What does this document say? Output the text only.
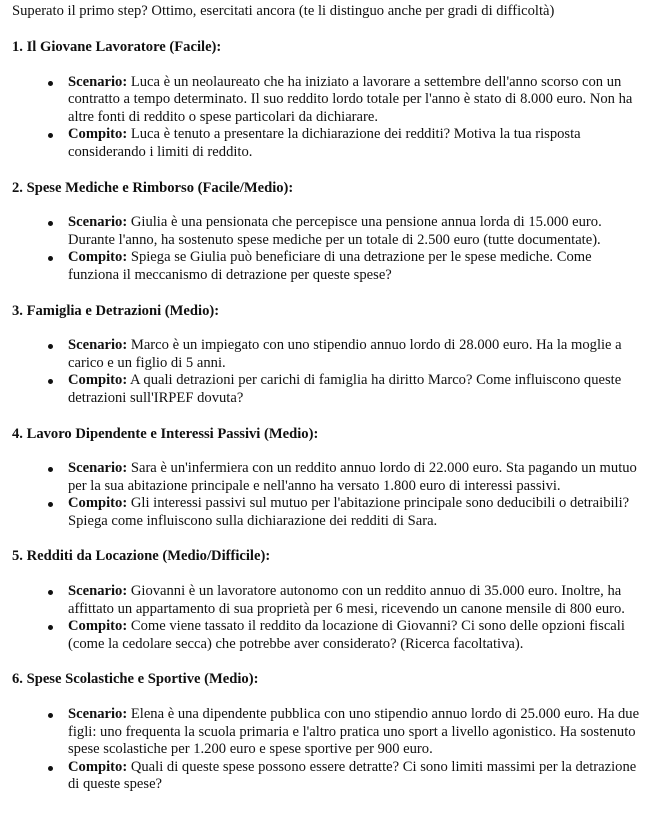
Superato il primo step? Ottimo, esercitati ancora (te li distinguo anche per gradi di difficoltà)

1. Il Giovane Lavoratore (Facile):

Scenario: Luca è un neolaureato che ha iniziato a lavorare a settembre dell'anno scorso con un contratto a tempo determinato. Il suo reddito lordo totale per l'anno è stato di 8.000 euro. Non ha altre fonti di reddito o spese particolari da dichiarare.
Compito: Luca è tenuto a presentare la dichiarazione dei redditi? Motiva la tua risposta considerando i limiti di reddito.

2. Spese Mediche e Rimborso (Facile/Medio):

Scenario: Giulia è una pensionata che percepisce una pensione annua lorda di 15.000 euro. Durante l'anno, ha sostenuto spese mediche per un totale di 2.500 euro (tutte documentate).
Compito: Spiega se Giulia può beneficiare di una detrazione per le spese mediche. Come funziona il meccanismo di detrazione per queste spese?

3. Famiglia e Detrazioni (Medio):

Scenario: Marco è un impiegato con uno stipendio annuo lordo di 28.000 euro. Ha la moglie a carico e un figlio di 5 anni.
Compito: A quali detrazioni per carichi di famiglia ha diritto Marco? Come influiscono queste detrazioni sull'IRPEF dovuta?

4. Lavoro Dipendente e Interessi Passivi (Medio):

Scenario: Sara è un'infermiera con un reddito annuo lordo di 22.000 euro. Sta pagando un mutuo per la sua abitazione principale e nell'anno ha versato 1.800 euro di interessi passivi.
Compito: Gli interessi passivi sul mutuo per l'abitazione principale sono deducibili o detraibili? Spiega come influiscono sulla dichiarazione dei redditi di Sara.

5. Redditi da Locazione (Medio/Difficile):

Scenario: Giovanni è un lavoratore autonomo con un reddito annuo di 35.000 euro. Inoltre, ha affittato un appartamento di sua proprietà per 6 mesi, ricevendo un canone mensile di 800 euro.
Compito: Come viene tassato il reddito da locazione di Giovanni? Ci sono delle opzioni fiscali (come la cedolare secca) che potrebbe aver considerato? (Ricerca facoltativa).

6. Spese Scolastiche e Sportive (Medio):

Scenario: Elena è una dipendente pubblica con uno stipendio annuo lordo di 25.000 euro. Ha due figli: uno frequenta la scuola primaria e l'altro pratica uno sport a livello agonistico. Ha sostenuto spese scolastiche per 1.200 euro e spese sportive per 900 euro.
Compito: Quali di queste spese possono essere detratte? Ci sono limiti massimi per la detrazione di queste spese?
